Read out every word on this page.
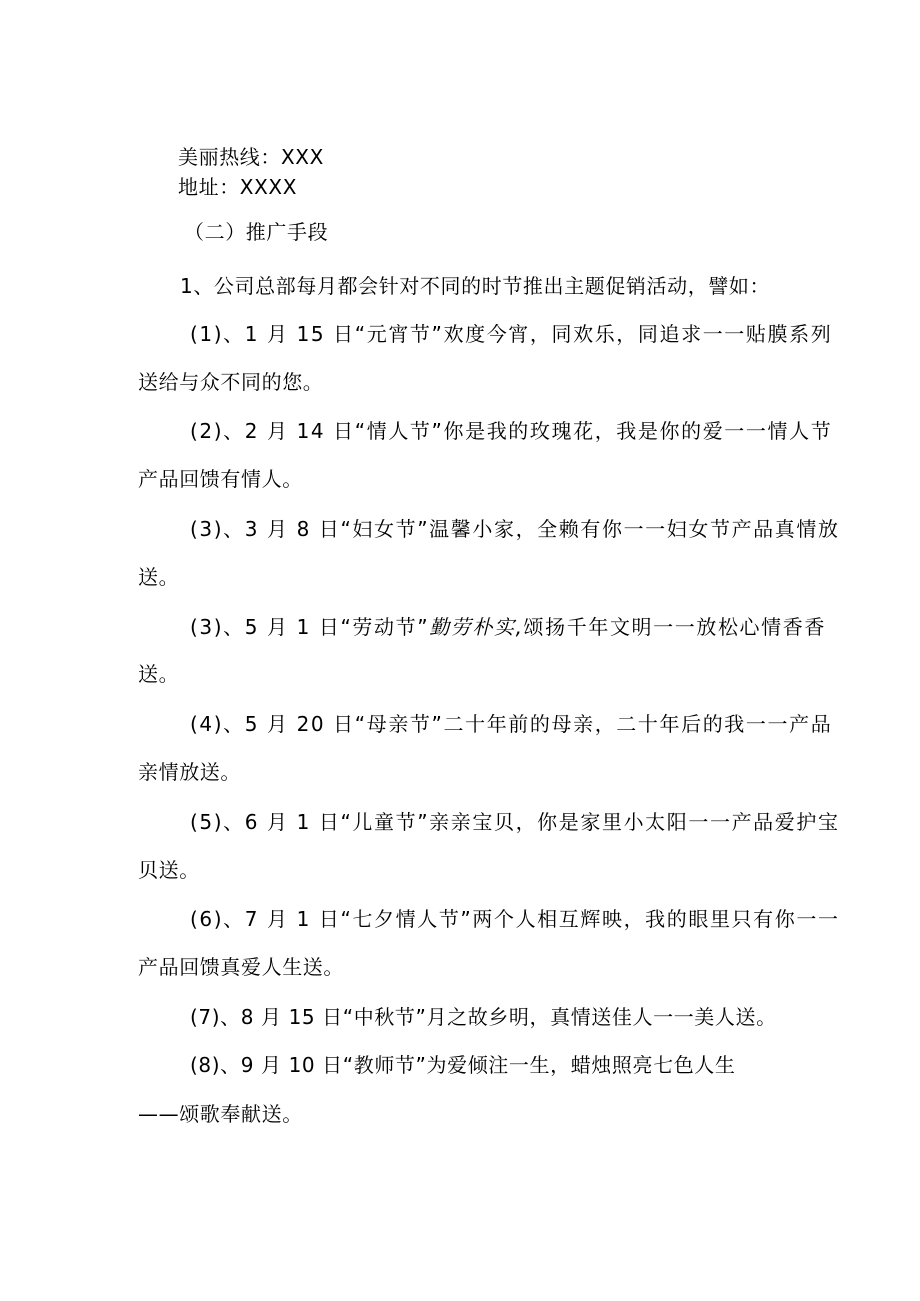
美丽热线：XXX
地址：XXXX
（二）推广手段
1、公司总部每月都会针对不同的时节推出主题促销活动，譬如：
(1)、1 月 15 日“元宵节”欢度今宵，同欢乐，同追求一一贴膜系列
送给与众不同的您。
(2)、2 月 14 日“情人节”你是我的玫瑰花，我是你的爱一一情人节
产品回馈有情人。
(3)、3 月 8 日“妇女节”温馨小家，全赖有你一一妇女节产品真情放
送。
(3)、5 月 1 日“劳动节”勤劳朴实,颂扬千年文明一一放松心情香香
送。
(4)、5 月 20 日“母亲节”二十年前的母亲，二十年后的我一一产品
亲情放送。
(5)、6 月 1 日“儿童节”亲亲宝贝，你是家里小太阳一一产品爱护宝
贝送。
(6)、7 月 1 日“七夕情人节”两个人相互辉映，我的眼里只有你一一
产品回馈真爱人生送。
(7)、8 月 15 日“中秋节”月之故乡明，真情送佳人一一美人送。
(8)、9 月 10 日“教师节”为爱倾注一生，蜡烛照亮七色人生
——颂歌奉献送。
